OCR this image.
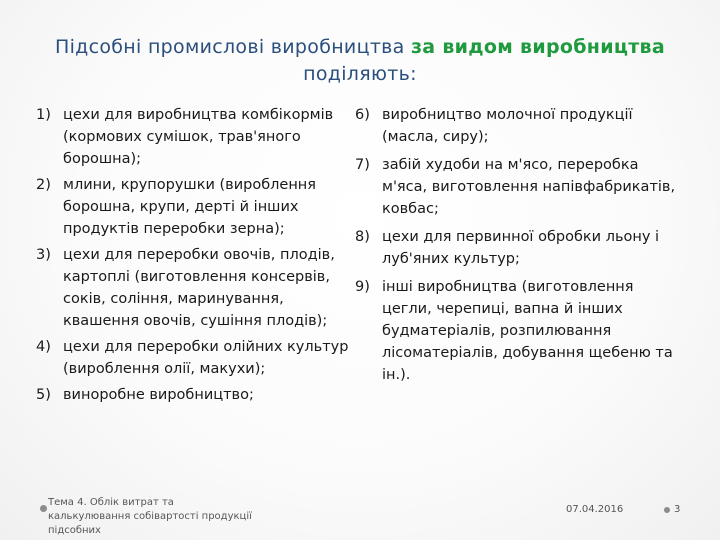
Підсобні промислові виробництва за видом виробництва поділяють:
1) цехи для виробництва комбікормів (кормових сумішок, трав'яного борошна);
2) млини, крупорушки (вироблення борошна, крупи, дерті й інших продуктів переробки зерна);
3) цехи для переробки овочів, плодів, картоплі (виготовлення консервів, соків, соління, маринування, квашення овочів, сушіння плодів);
4) цехи для переробки олійних культур (вироблення олії, макухи);
5) виноробне виробництво;
6) виробництво молочної продукції (масла, сиру);
7) забій худоби на м'ясо, переробка м'яса, виготовлення напівфабрикатів, ковбас;
8) цехи для первинної обробки льону і луб'яних культур;
9) інші виробництва (виготовлення цегли, черепиці, вапна й інших будматеріалів, розпилювання лісоматеріалів, добування щебеню та ін.).
Тема 4. Облік витрат та калькулювання собівартості продукції підсобних
07.04.2016	3
